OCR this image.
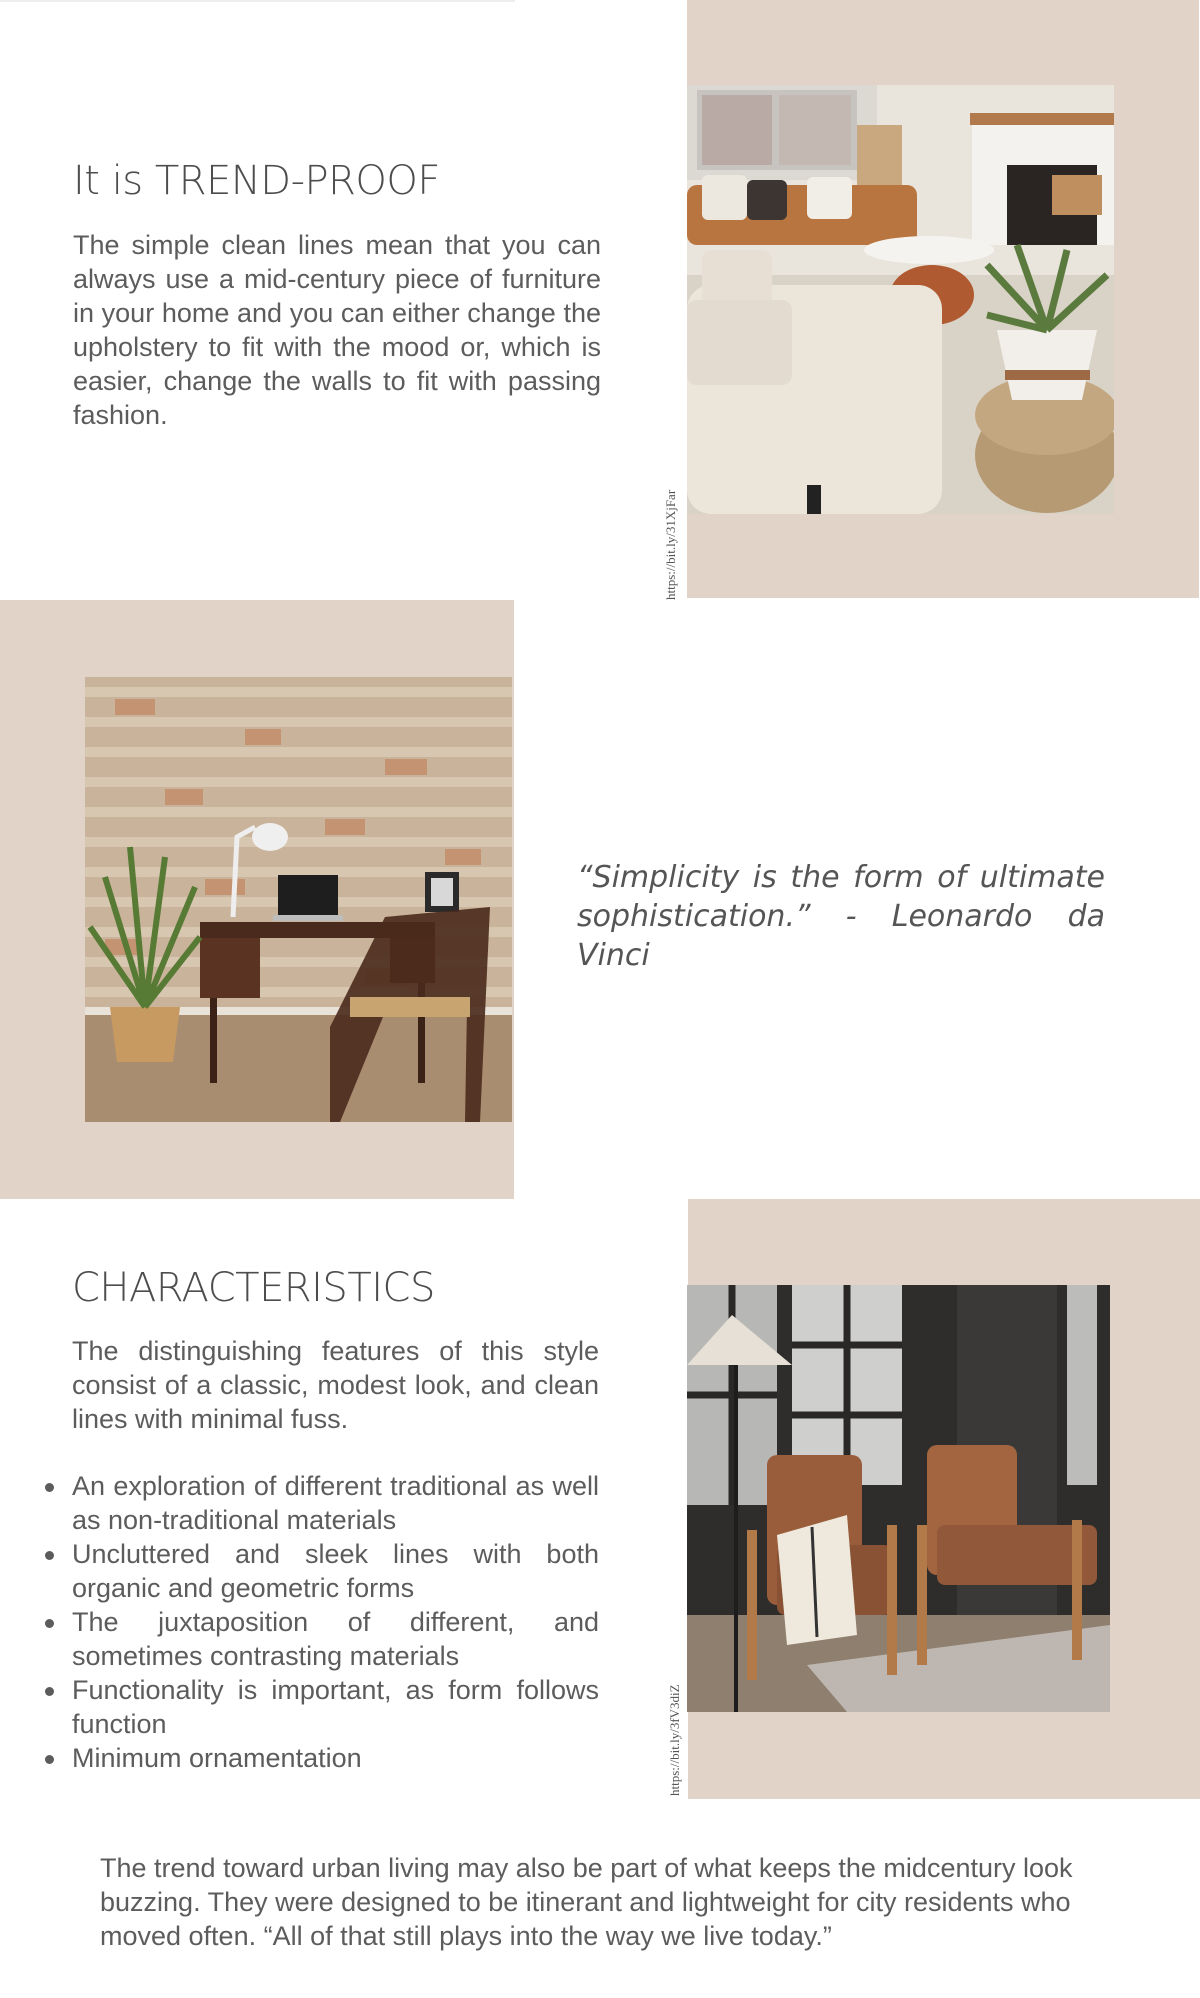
It is TREND-PROOF

The simple clean lines mean that you can always use a mid-century piece of furniture in your home and you can either change the upholstery to fit with the mood or, which is easier, change the walls to fit with passing fashion.

https://bit.ly/31XjFar

“Simplicity is the form of ultimate sophistication.” - Leonardo da Vinci

CHARACTERISTICS

The distinguishing features of this style consist of a classic, modest look, and clean lines with minimal fuss.

An exploration of different traditional as well as non-traditional materials
Uncluttered and sleek lines with both organic and geometric forms
The juxtaposition of different, and sometimes contrasting materials
Functionality is important, as form follows function
Minimum ornamentation	https://bit.ly/3fV3diZ

The trend toward urban living may also be part of what keeps the midcentury look buzzing. They were designed to be itinerant and lightweight for city residents who moved often. “All of that still plays into the way we live today.”
